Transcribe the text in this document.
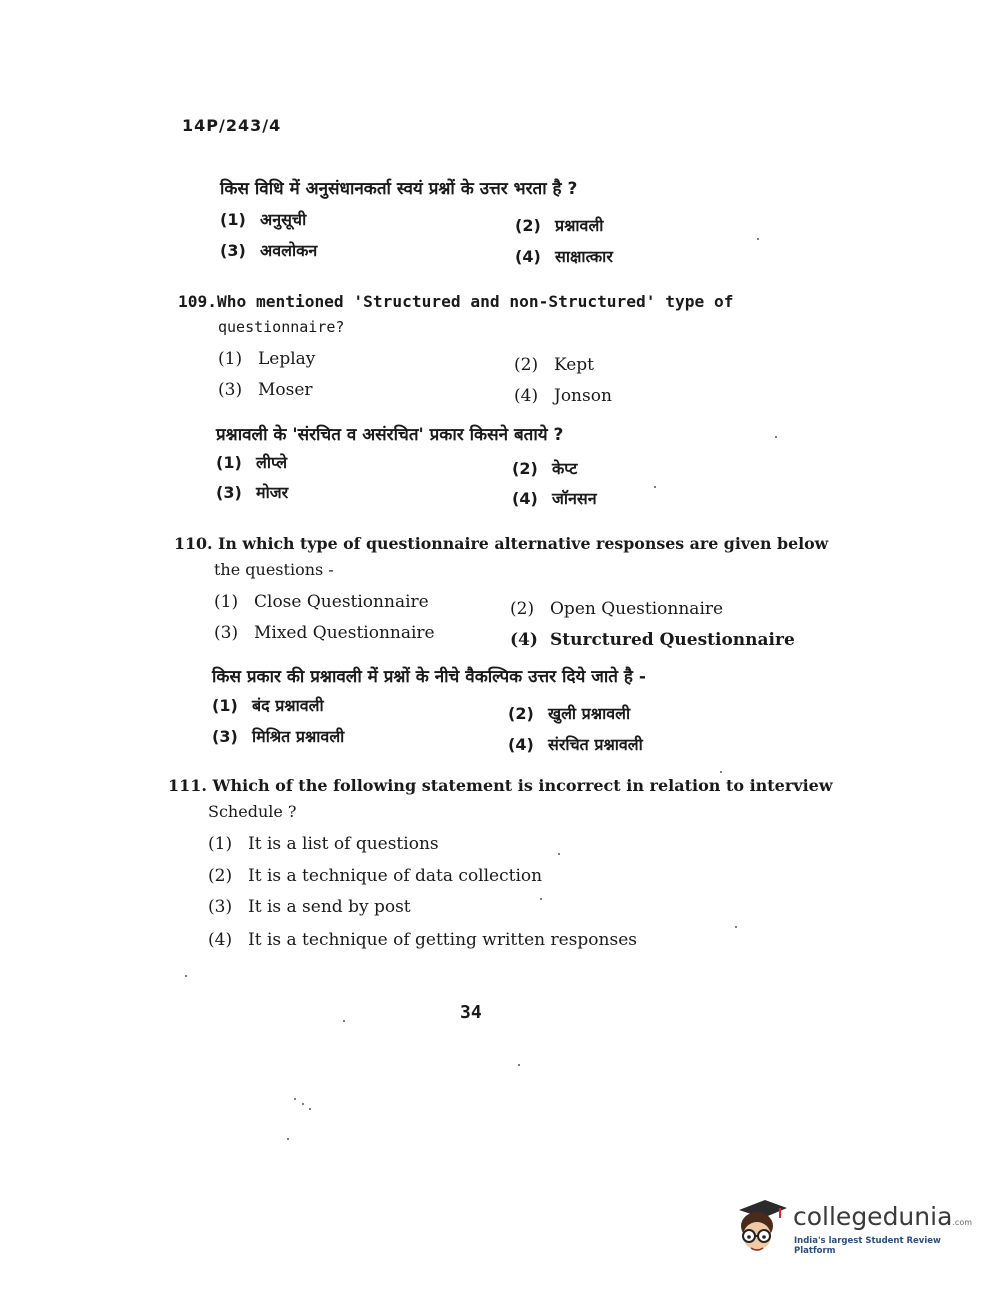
14P/243/4
किस विधि में अनुसंधानकर्ता स्वयं प्रश्नों के उत्तर भरता है ?
(1) अनुसूची	(2) प्रश्नावली
(3) अवलोकन	(4) साक्षात्कार
109.Who mentioned 'Structured and non-Structured' type of
questionnaire?
(1) Leplay	(2) Kept
(3) Moser	(4) Jonson
प्रश्नावली के 'संरचित व असंरचित' प्रकार किसने बताये ?
(1) लीप्ले	(2) केप्ट
(3) मोजर	(4) जॉनसन
110. In which type of questionnaire alternative responses are given below
the questions -
(1) Close Questionnaire	(2) Open Questionnaire
(3) Mixed Questionnaire	(4) Sturctured Questionnaire
किस प्रकार की प्रश्नावली में प्रश्नों के नीचे वैकल्पिक उत्तर दिये जाते है -
(1) बंद प्रश्नावली	(2) खुली प्रश्नावली
(3) मिश्रित प्रश्नावली	(4) संरचित प्रश्नावली
111. Which of the following statement is incorrect in relation to interview
Schedule ?
(1) It is a list of questions
(2) It is a technique of data collection
(3) It is a send by post
(4) It is a technique of getting written responses
34
collegedunia.com
India's largest Student Review Platform
